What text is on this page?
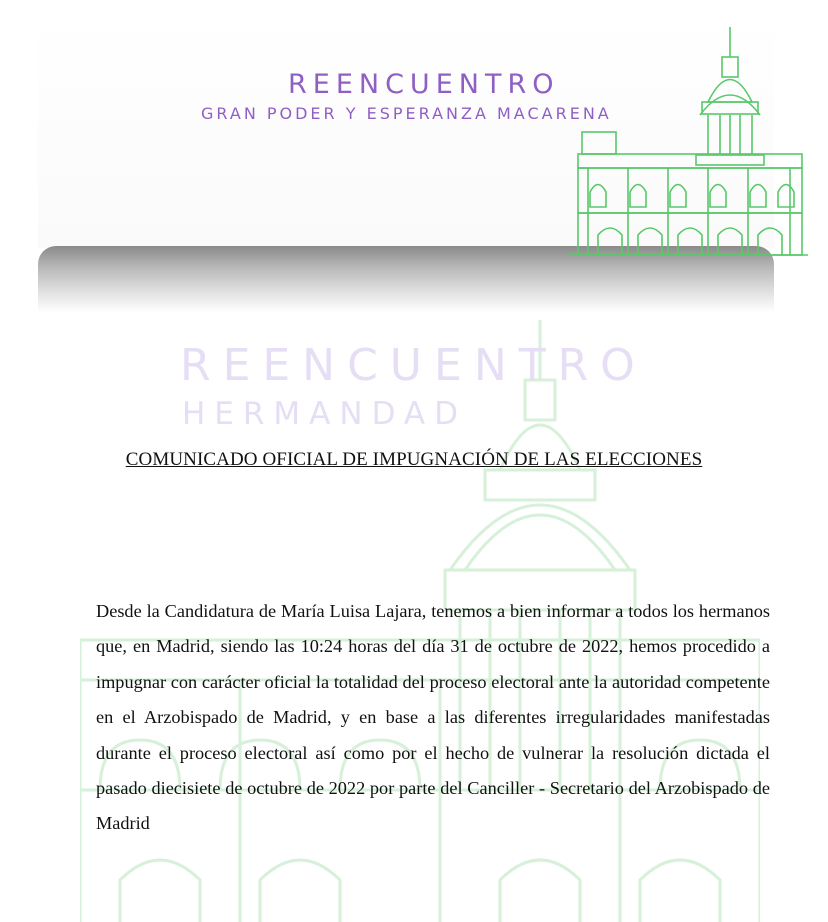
REENCUENTRO
HERMANDAD
REENCUENTRO
GRAN PODER Y ESPERANZA MACARENA
COMUNICADO OFICIAL DE IMPUGNACIÓN DE LAS ELECCIONES
Desde la Candidatura de María Luisa Lajara, tenemos a bien informar a todos los hermanos que, en Madrid, siendo las 10:24 horas del día 31 de octubre de 2022, hemos procedido a impugnar con carácter oficial la totalidad del proceso electoral ante la autoridad competente en el Arzobispado de Madrid, y en base a las diferentes irregularidades manifestadas durante el proceso electoral así como por el hecho de vulnerar la resolución dictada el pasado diecisiete de octubre de 2022 por parte del Canciller - Secretario del Arzobispado de Madrid
